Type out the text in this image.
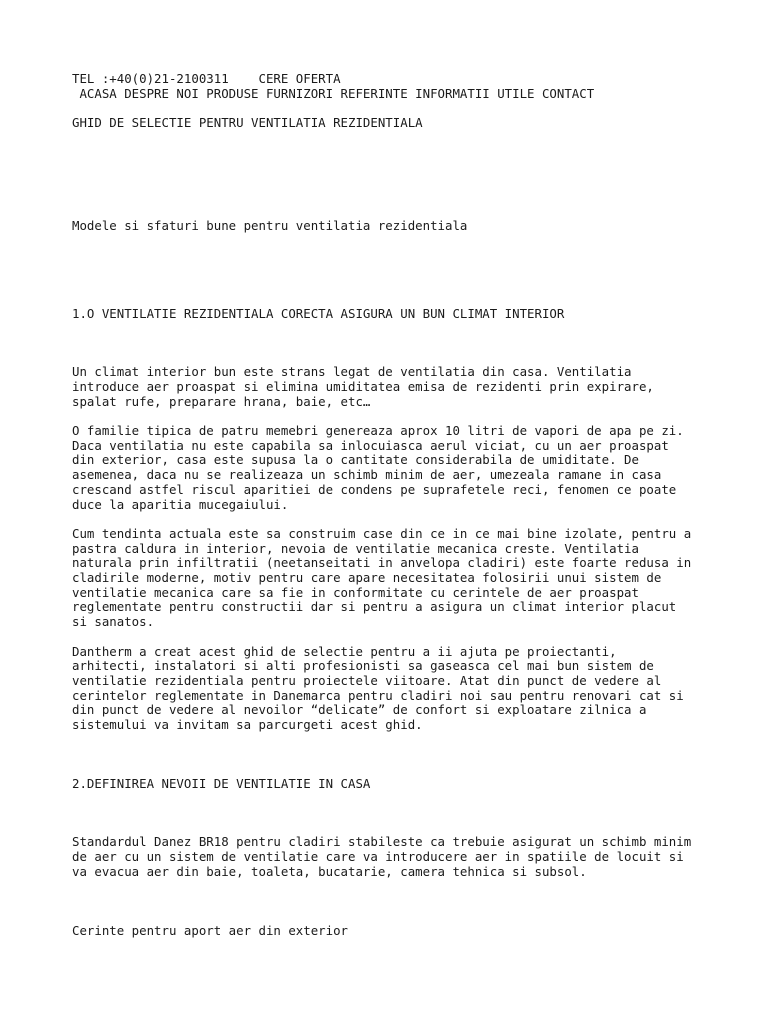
TEL :+40(0)21-2100311    CERE OFERTA
ACASA DESPRE NOI PRODUSE FURNIZORI REFERINTE INFORMATII UTILE CONTACT
GHID DE SELECTIE PENTRU VENTILATIA REZIDENTIALA
Modele si sfaturi bune pentru ventilatia rezidentiala
1.O VENTILATIE REZIDENTIALA CORECTA ASIGURA UN BUN CLIMAT INTERIOR
Un climat interior bun este strans legat de ventilatia din casa. Ventilatia
introduce aer proaspat si elimina umiditatea emisa de rezidenti prin expirare,
spalat rufe, preparare hrana, baie, etc…
O familie tipica de patru memebri genereaza aprox 10 litri de vapori de apa pe zi.
Daca ventilatia nu este capabila sa inlocuiasca aerul viciat, cu un aer proaspat
din exterior, casa este supusa la o cantitate considerabila de umiditate. De
asemenea, daca nu se realizeaza un schimb minim de aer, umezeala ramane in casa
crescand astfel riscul aparitiei de condens pe suprafetele reci, fenomen ce poate
duce la aparitia mucegaiului.
Cum tendinta actuala este sa construim case din ce in ce mai bine izolate, pentru a
pastra caldura in interior, nevoia de ventilatie mecanica creste. Ventilatia
naturala prin infiltratii (neetanseitati in anvelopa cladiri) este foarte redusa in
cladirile moderne, motiv pentru care apare necesitatea folosirii unui sistem de
ventilatie mecanica care sa fie in conformitate cu cerintele de aer proaspat
reglementate pentru constructii dar si pentru a asigura un climat interior placut
si sanatos.
Dantherm a creat acest ghid de selectie pentru a ii ajuta pe proiectanti,
arhitecti, instalatori si alti profesionisti sa gaseasca cel mai bun sistem de
ventilatie rezidentiala pentru proiectele viitoare. Atat din punct de vedere al
cerintelor reglementate in Danemarca pentru cladiri noi sau pentru renovari cat si
din punct de vedere al nevoilor “delicate” de confort si exploatare zilnica a
sistemului va invitam sa parcurgeti acest ghid.
2.DEFINIREA NEVOII DE VENTILATIE IN CASA
Standardul Danez BR18 pentru cladiri stabileste ca trebuie asigurat un schimb minim
de aer cu un sistem de ventilatie care va introducere aer in spatiile de locuit si
va evacua aer din baie, toaleta, bucatarie, camera tehnica si subsol.
Cerinte pentru aport aer din exterior
